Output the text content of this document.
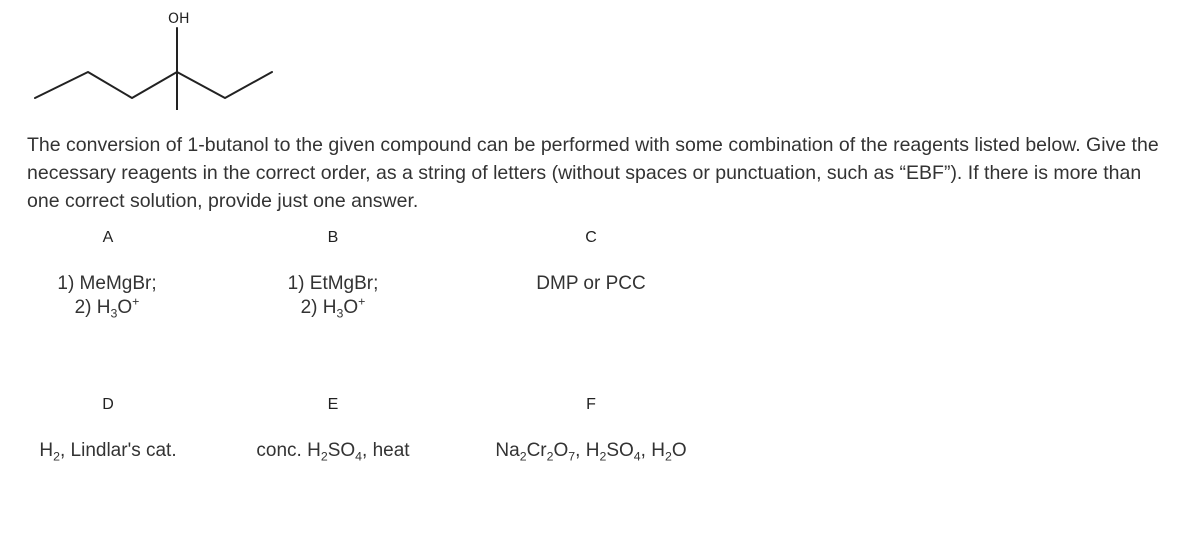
OH
The conversion of 1-butanol to the given compound can be performed with some combination of the reagents listed below. Give the necessary reagents in the correct order, as a string of letters (without spaces or punctuation, such as “EBF”). If there is more than one correct solution, provide just one answer.
A	B	C
1) MeMgBr;
2) $H_3O^+$
1) EtMgBr;
2) $H_3O^+$
DMP or PCC
D	E	F
$H_2$, Lindlar's cat.	conc. $H_2SO_4$, heat	$Na_2Cr_2O_7$, $H_2SO_4$, $H_2O$
